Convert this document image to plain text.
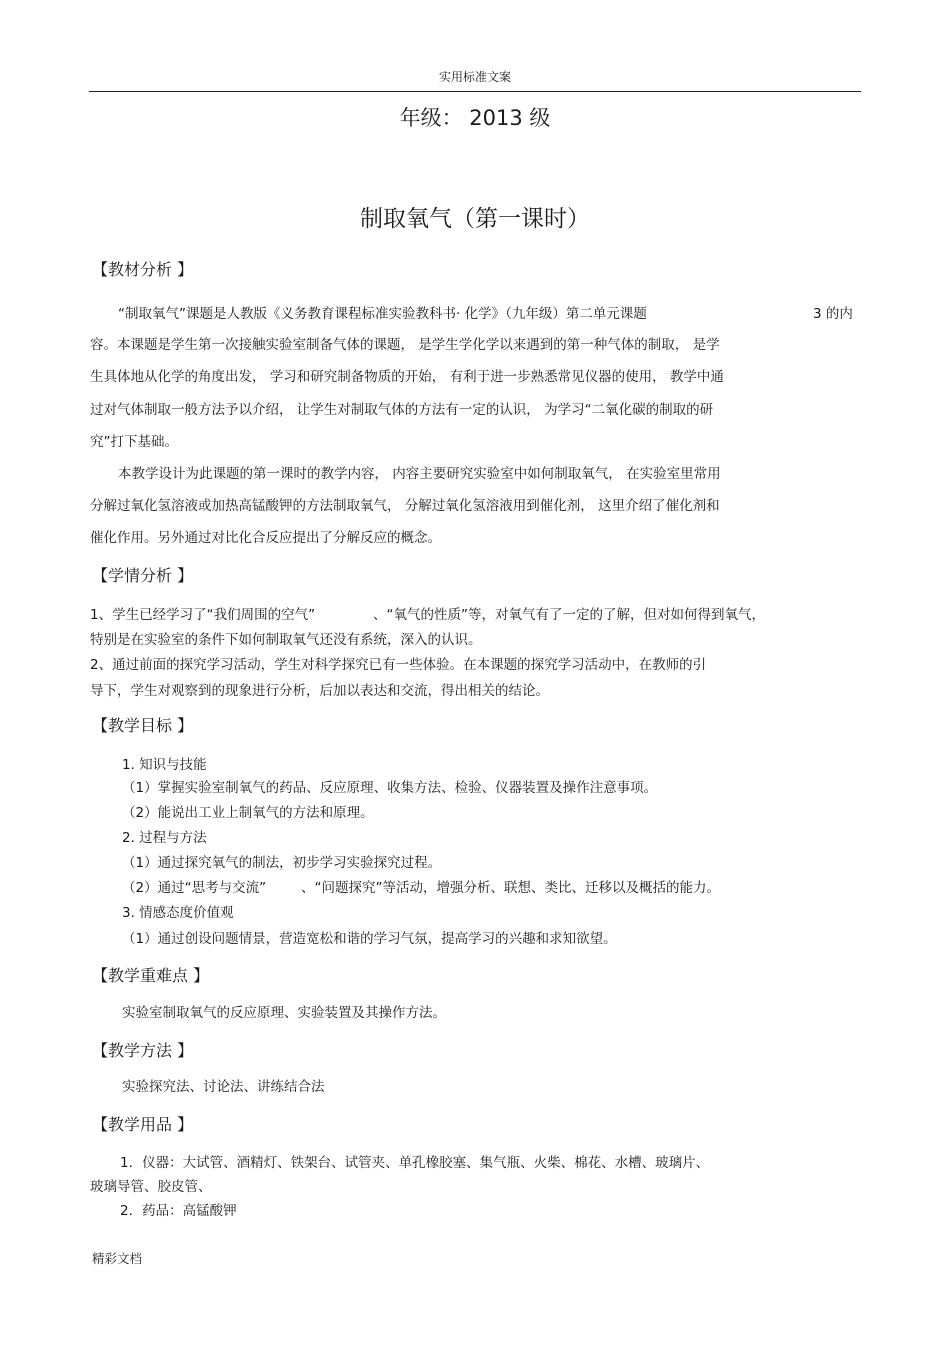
实用标准文案
年级： 2013 级
制取氧气（第一课时）
【教材分析 】
“制取氧气”课题是人教版《义务教育课程标准实验教科书· 化学》（九年级）第二单元课题	3 的内
容。本课题是学生第一次接触实验室制备气体的课题， 是学生学化学以来遇到的第一种气体的制取， 是学
生具体地从化学的角度出发， 学习和研究制备物质的开始， 有利于进一步熟悉常见仪器的使用， 教学中通
过对气体制取一般方法予以介绍， 让学生对制取气体的方法有一定的认识， 为学习“二氧化碳的制取的研
究”打下基础。
本教学设计为此课题的第一课时的教学内容， 内容主要研究实验室中如何制取氧气， 在实验室里常用
分解过氧化氢溶液或加热高锰酸钾的方法制取氧气， 分解过氧化氢溶液用到催化剂， 这里介绍了催化剂和
催化作用。另外通过对比化合反应提出了分解反应的概念。
【学情分析 】
1、学生已经学习了“我们周围的空气”	、“氧气的性质”等，对氧气有了一定的了解，但对如何得到氧气，
特别是在实验室的条件下如何制取氧气还没有系统，深入的认识。
2、通过前面的探究学习活动，学生对科学探究已有一些体验。在本课题的探究学习活动中，在教师的引
导下，学生对观察到的现象进行分析，后加以表达和交流，得出相关的结论。
【教学目标 】
1. 知识与技能
（1）掌握实验室制氧气的药品、反应原理、收集方法、检验、仪器装置及操作注意事项。
（2）能说出工业上制氧气的方法和原理。
2. 过程与方法
（1）通过探究氧气的制法，初步学习实验探究过程。
（2）通过“思考与交流”	、“问题探究”等活动，增强分析、联想、类比、迁移以及概括的能力。
3. 情感态度价值观
（1）通过创设问题情景，营造宽松和谐的学习气氛，提高学习的兴趣和求知欲望。
【教学重难点 】
实验室制取氧气的反应原理、实验装置及其操作方法。
【教学方法 】
实验探究法、讨论法、讲练结合法
【教学用品 】
1．仪器：大试管、酒精灯、铁架台、试管夹、单孔橡胶塞、集气瓶、火柴、棉花、水槽、玻璃片、
玻璃导管、胶皮管、
2．药品：高锰酸钾
精彩文档
